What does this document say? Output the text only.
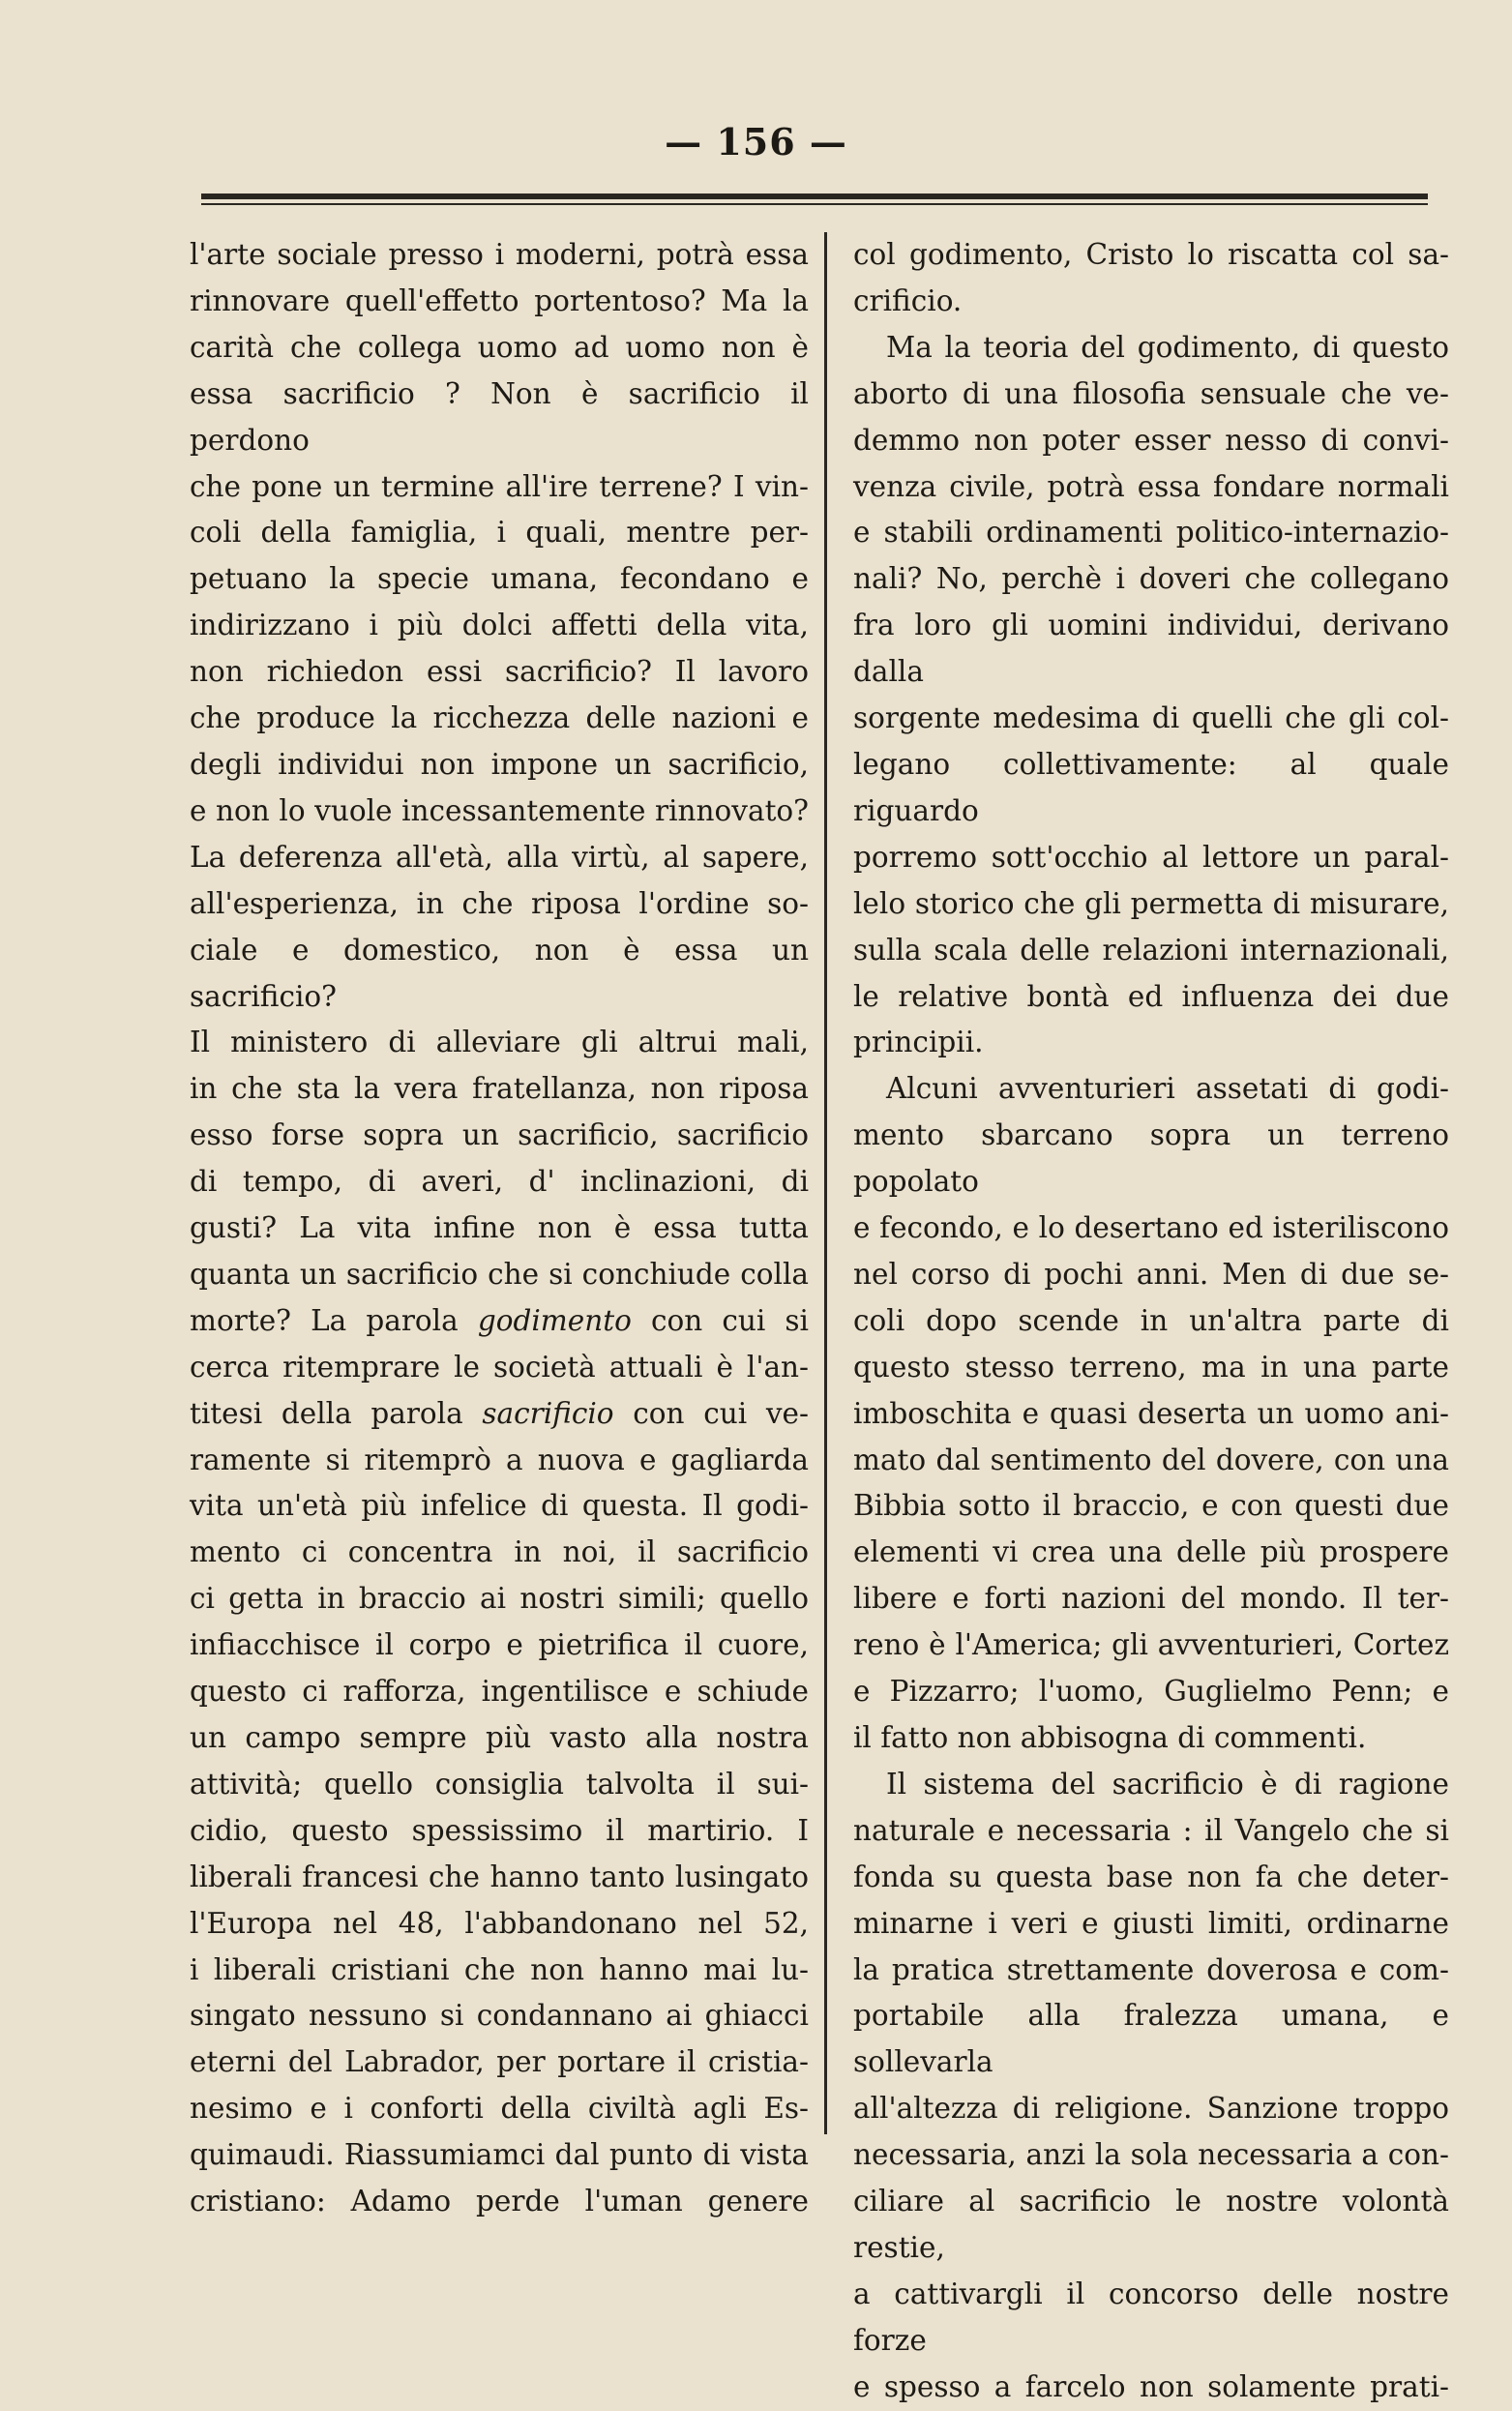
— 156 —
l'arte sociale presso i moderni, potrà essa
rinnovare quell'effetto portentoso? Ma la
carità che collega uomo ad uomo non è
essa sacrificio ? Non è sacrificio il perdono
che pone un termine all'ire terrene? I vin-
coli della famiglia, i quali, mentre per-
petuano la specie umana, fecondano e
indirizzano i più dolci affetti della vita,
non richiedon essi sacrificio? Il lavoro
che produce la ricchezza delle nazioni e
degli individui non impone un sacrificio,
e non lo vuole incessantemente rinnovato?
La deferenza all'età, alla virtù, al sapere,
all'esperienza, in che riposa l'ordine so-
ciale e domestico, non è essa un sacrificio?
Il ministero di alleviare gli altrui mali,
in che sta la vera fratellanza, non riposa
esso forse sopra un sacrificio, sacrificio
di tempo, di averi, d' inclinazioni, di
gusti? La vita infine non è essa tutta
quanta un sacrificio che si conchiude colla
morte? La parola godimento con cui si
cerca ritemprare le società attuali è l'an-
titesi della parola sacrificio con cui ve-
ramente si ritemprò a nuova e gagliarda
vita un'età più infelice di questa. Il godi-
mento ci concentra in noi, il sacrificio
ci getta in braccio ai nostri simili; quello
infiacchisce il corpo e pietrifica il cuore,
questo ci rafforza, ingentilisce e schiude
un campo sempre più vasto alla nostra
attività; quello consiglia talvolta il sui-
cidio, questo spessissimo il martirio. I
liberali francesi che hanno tanto lusingato
l'Europa nel 48, l'abbandonano nel 52,
i liberali cristiani che non hanno mai lu-
singato nessuno si condannano ai ghiacci
eterni del Labrador, per portare il cristia-
nesimo e i conforti della civiltà agli Es-
quimaudi. Riassumiamci dal punto di vista
cristiano: Adamo perde l'uman genere
col godimento, Cristo lo riscatta col sa-
crificio.
Ma la teoria del godimento, di questo
aborto di una filosofia sensuale che ve-
demmo non poter esser nesso di convi-
venza civile, potrà essa fondare normali
e stabili ordinamenti politico-internazio-
nali? No, perchè i doveri che collegano
fra loro gli uomini individui, derivano dalla
sorgente medesima di quelli che gli col-
legano collettivamente: al quale riguardo
porremo sott'occhio al lettore un paral-
lelo storico che gli permetta di misurare,
sulla scala delle relazioni internazionali,
le relative bontà ed influenza dei due
principii.
Alcuni avventurieri assetati di godi-
mento sbarcano sopra un terreno popolato
e fecondo, e lo desertano ed isteriliscono
nel corso di pochi anni. Men di due se-
coli dopo scende in un'altra parte di
questo stesso terreno, ma in una parte
imboschita e quasi deserta un uomo ani-
mato dal sentimento del dovere, con una
Bibbia sotto il braccio, e con questi due
elementi vi crea una delle più prospere
libere e forti nazioni del mondo. Il ter-
reno è l'America; gli avventurieri, Cortez
e Pizzarro; l'uomo, Guglielmo Penn; e
il fatto non abbisogna di commenti.
Il sistema del sacrificio è di ragione
naturale e necessaria : il Vangelo che si
fonda su questa base non fa che deter-
minarne i veri e giusti limiti, ordinarne
la pratica strettamente doverosa e com-
portabile alla fralezza umana, e sollevarla
all'altezza di religione. Sanzione troppo
necessaria, anzi la sola necessaria a con-
ciliare al sacrificio le nostre volontà restie,
a cattivargli il concorso delle nostre forze
e spesso a farcelo non solamente prati-
